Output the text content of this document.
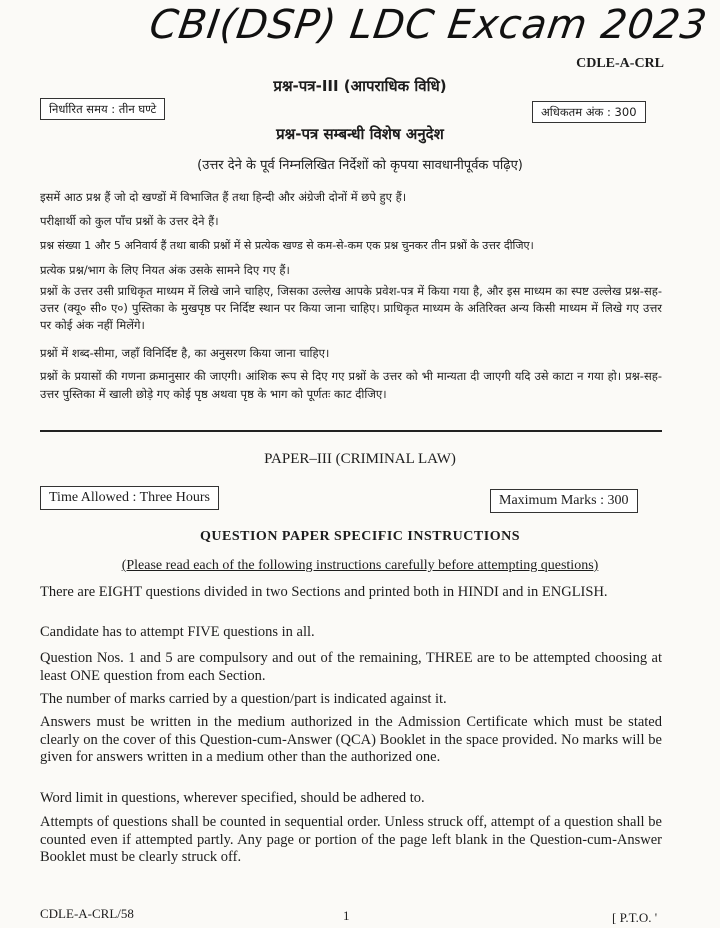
CBI(DSP) LDC Excam 2023
CDLE-A-CRL
प्रश्न-पत्र-III (आपराधिक विधि)
निर्धारित समय : तीन घण्टे	अधिकतम अंक : 300
प्रश्न-पत्र सम्बन्धी विशेष अनुदेश
(उत्तर देने के पूर्व निम्नलिखित निर्देशों को कृपया सावधानीपूर्वक पढ़िए)
इसमें आठ प्रश्न हैं जो दो खण्डों में विभाजित हैं तथा हिन्दी और अंग्रेजी दोनों में छपे हुए हैं।
परीक्षार्थी को कुल पाँच प्रश्नों के उत्तर देने हैं।
प्रश्न संख्या 1 और 5 अनिवार्य हैं तथा बाकी प्रश्नों में से प्रत्येक खण्ड से कम-से-कम एक प्रश्न चुनकर तीन प्रश्नों के उत्तर दीजिए।
प्रत्येक प्रश्न/भाग के लिए नियत अंक उसके सामने दिए गए हैं।
प्रश्नों के उत्तर उसी प्राधिकृत माध्यम में लिखे जाने चाहिए, जिसका उल्लेख आपके प्रवेश-पत्र में किया गया है, और इस माध्यम का स्पष्ट उल्लेख प्रश्न-सह-उत्तर (क्यू० सी० ए०) पुस्तिका के मुखपृष्ठ पर निर्दिष्ट स्थान पर किया जाना चाहिए। प्राधिकृत माध्यम के अतिरिक्त अन्य किसी माध्यम में लिखे गए उत्तर पर कोई अंक नहीं मिलेंगे।
प्रश्नों में शब्द-सीमा, जहाँ विनिर्दिष्ट है, का अनुसरण किया जाना चाहिए।
प्रश्नों के प्रयासों की गणना क्रमानुसार की जाएगी। आंशिक रूप से दिए गए प्रश्नों के उत्तर को भी मान्यता दी जाएगी यदि उसे काटा न गया हो। प्रश्न-सह-उत्तर पुस्तिका में खाली छोड़े गए कोई पृष्ठ अथवा पृष्ठ के भाग को पूर्णतः काट दीजिए।
PAPER–III (CRIMINAL LAW)
Time Allowed : Three Hours	Maximum Marks : 300
QUESTION PAPER SPECIFIC INSTRUCTIONS
(Please read each of the following instructions carefully before attempting questions)
There are EIGHT questions divided in two Sections and printed both in HINDI and in ENGLISH.
Candidate has to attempt FIVE questions in all.
Question Nos. 1 and 5 are compulsory and out of the remaining, THREE are to be attempted choosing at least ONE question from each Section.
The number of marks carried by a question/part is indicated against it.
Answers must be written in the medium authorized in the Admission Certificate which must be stated clearly on the cover of this Question-cum-Answer (QCA) Booklet in the space provided. No marks will be given for answers written in a medium other than the authorized one.
Word limit in questions, wherever specified, should be adhered to.
Attempts of questions shall be counted in sequential order. Unless struck off, attempt of a question shall be counted even if attempted partly. Any page or portion of the page left blank in the Question-cum-Answer Booklet must be clearly struck off.
CDLE-A-CRL/58	1	[ P.T.O. '
